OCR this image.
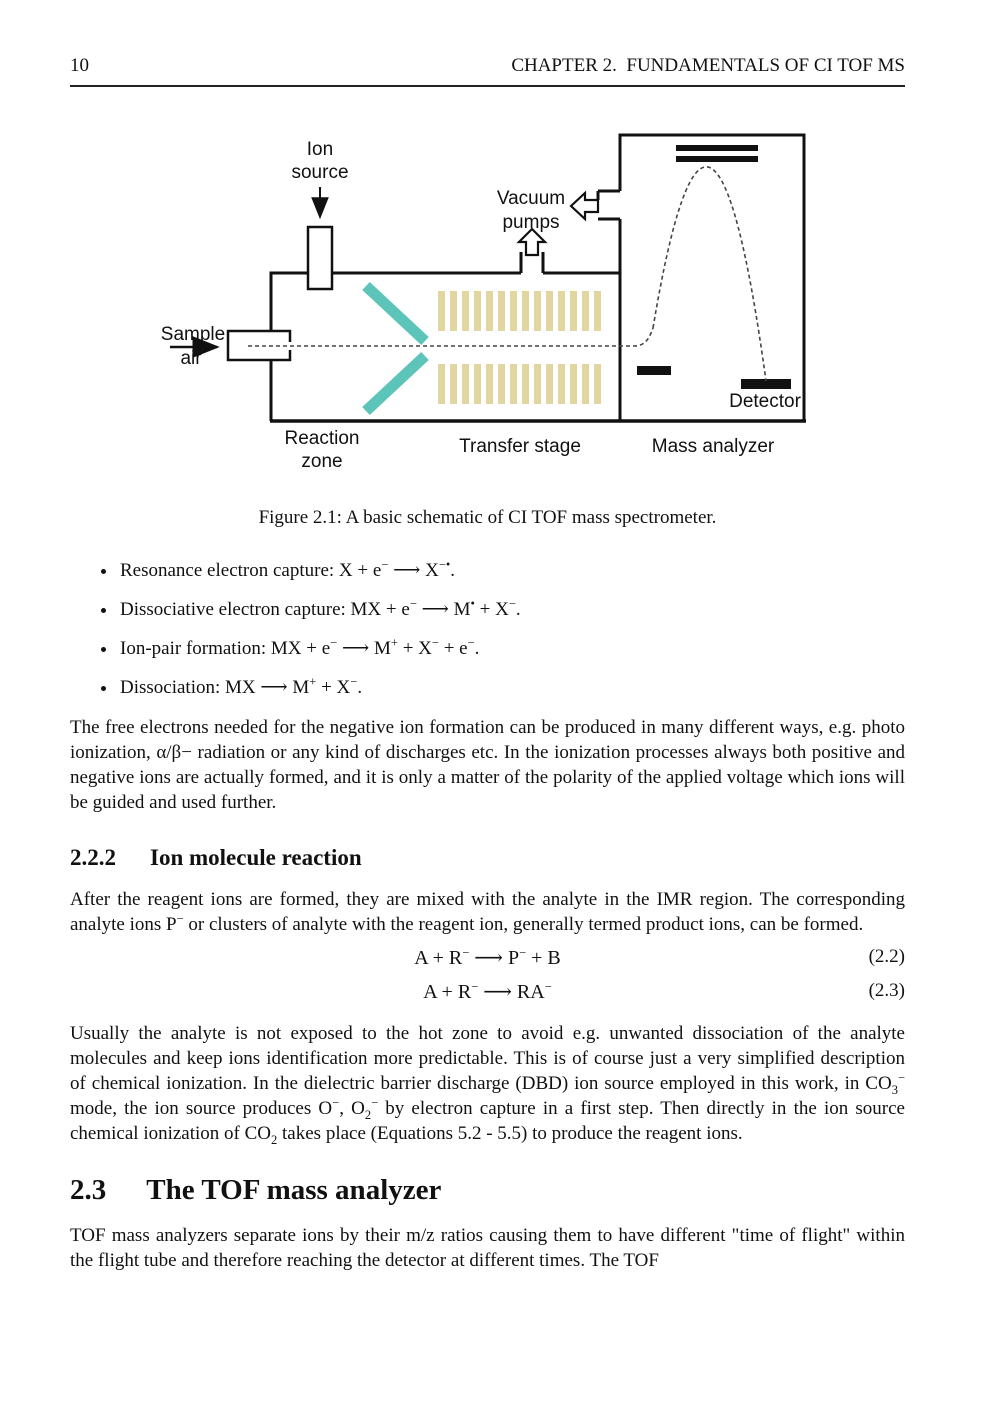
10	CHAPTER 2. FUNDAMENTALS OF CI TOF MS
Ion
source
Vacuum
pumps
Sample
air
Reaction
zone
Transfer stage	Mass analyzer
Detector
Figure 2.1: A basic schematic of CI TOF mass spectrometer.
• Resonance electron capture: X + e− ⟶ X−•.
• Dissociative electron capture: MX + e− ⟶ M• + X−.
• Ion-pair formation: MX + e− ⟶ M+ + X− + e−.
• Dissociation: MX ⟶ M+ + X−.

The free electrons needed for the negative ion formation can be produced in many different ways, e.g. photo ionization, α/β− radiation or any kind of discharges etc. In the ionization processes always both positive and negative ions are actually formed, and it is only a matter of the polarity of the applied voltage which ions will be guided and used further.

2.2.2 Ion molecule reaction

After the reagent ions are formed, they are mixed with the analyte in the IMR region. The corresponding analyte ions P− or clusters of analyte with the reagent ion, generally termed product ions, can be formed.

A + R− ⟶ P− + B	(2.2)
A + R− ⟶ RA−	(2.3)

Usually the analyte is not exposed to the hot zone to avoid e.g. unwanted dissociation of the analyte molecules and keep ions identification more predictable. This is of course just a very simplified description of chemical ionization. In the dielectric barrier discharge (DBD) ion source employed in this work, in $CO_3^-$ mode, the ion source produces O−, $O_2^-$ by electron capture in a first step. Then directly in the ion source chemical ionization of $CO_2$ takes place (Equations 5.2 - 5.5) to produce the reagent ions.

2.3 The TOF mass analyzer

TOF mass analyzers separate ions by their m/z ratios causing them to have different "time of flight" within the flight tube and therefore reaching the detector at different times. The TOF
